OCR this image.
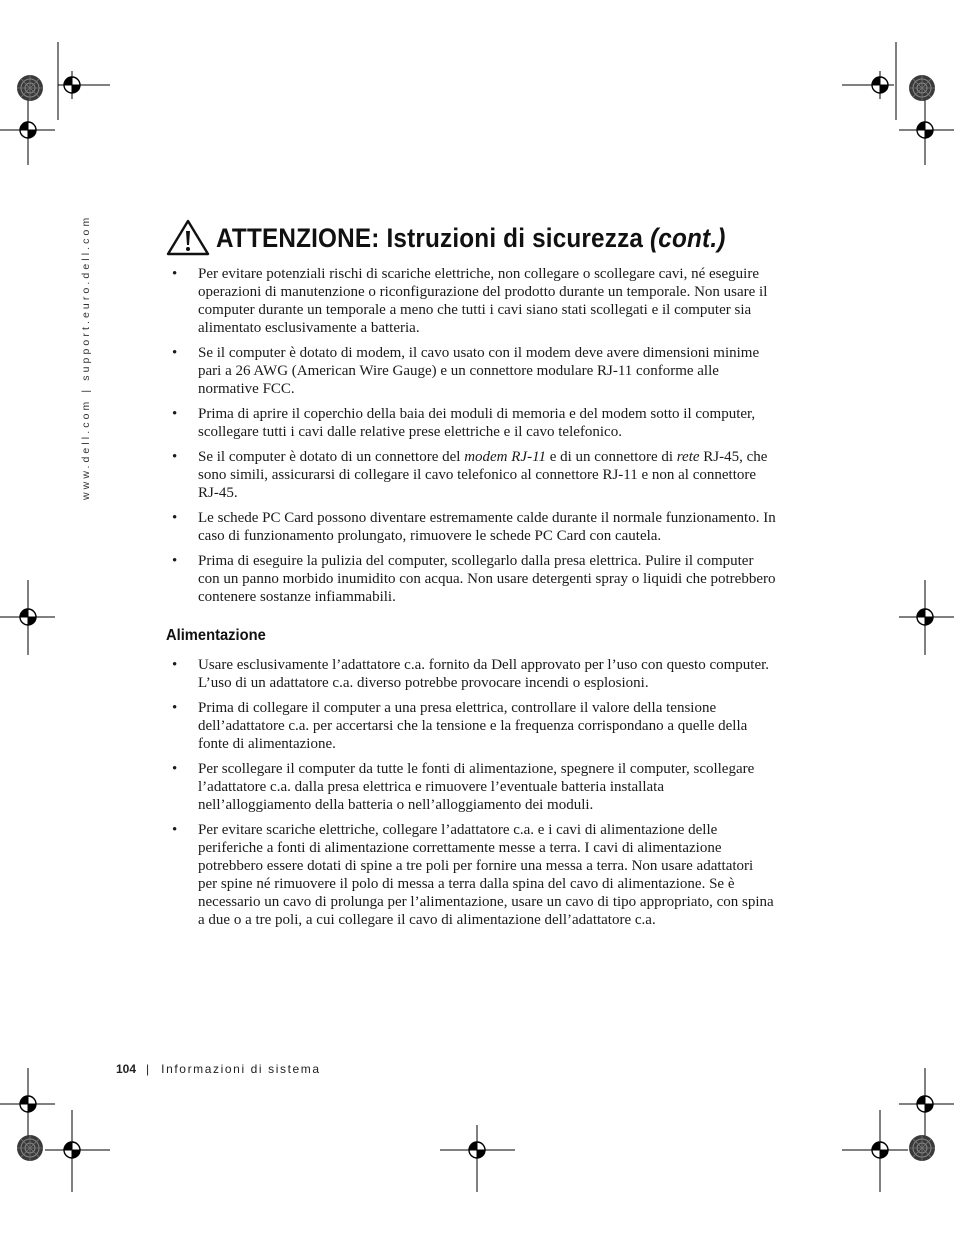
www.dell.com | support.euro.dell.com	ATTENZIONE: Istruzioni di sicurezza (cont.)
• Per evitare potenziali rischi di scariche elettriche, non collegare o scollegare cavi, né eseguire operazioni di manutenzione o riconfigurazione del prodotto durante un temporale. Non usare il computer durante un temporale a meno che tutti i cavi siano stati scollegati e il computer sia alimentato esclusivamente a batteria.
• Se il computer è dotato di modem, il cavo usato con il modem deve avere dimensioni minime pari a 26 AWG (American Wire Gauge) e un connettore modulare RJ-11 conforme alle normative FCC.
• Prima di aprire il coperchio della baia dei moduli di memoria e del modem sotto il computer, scollegare tutti i cavi dalle relative prese elettriche e il cavo telefonico.
• Se il computer è dotato di un connettore del modem RJ-11 e di un connettore di rete RJ-45, che sono simili, assicurarsi di collegare il cavo telefonico al connettore RJ-11 e non al connettore RJ-45.
• Le schede PC Card possono diventare estremamente calde durante il normale funzionamento. In caso di funzionamento prolungato, rimuovere le schede PC Card con cautela.
• Prima di eseguire la pulizia del computer, scollegarlo dalla presa elettrica. Pulire il computer con un panno morbido inumidito con acqua. Non usare detergenti spray o liquidi che potrebbero contenere sostanze infiammabili.
Alimentazione
• Usare esclusivamente l’adattatore c.a. fornito da Dell approvato per l’uso con questo computer. L’uso di un adattatore c.a. diverso potrebbe provocare incendi o esplosioni.
• Prima di collegare il computer a una presa elettrica, controllare il valore della tensione dell’adattatore c.a. per accertarsi che la tensione e la frequenza corrispondano a quelle della fonte di alimentazione.
• Per scollegare il computer da tutte le fonti di alimentazione, spegnere il computer, scollegare l’adattatore c.a. dalla presa elettrica e rimuovere l’eventuale batteria installata nell’alloggiamento della batteria o nell’alloggiamento dei moduli.
• Per evitare scariche elettriche, collegare l’adattatore c.a. e i cavi di alimentazione delle periferiche a fonti di alimentazione correttamente messe a terra. I cavi di alimentazione potrebbero essere dotati di spine a tre poli per fornire una messa a terra. Non usare adattatori per spine né rimuovere il polo di messa a terra dalla spina del cavo di alimentazione. Se è necessario un cavo di prolunga per l’alimentazione, usare un cavo di tipo appropriato, con spina a due o a tre poli, a cui collegare il cavo di alimentazione dell’adattatore c.a.
104 | Informazioni di sistema
